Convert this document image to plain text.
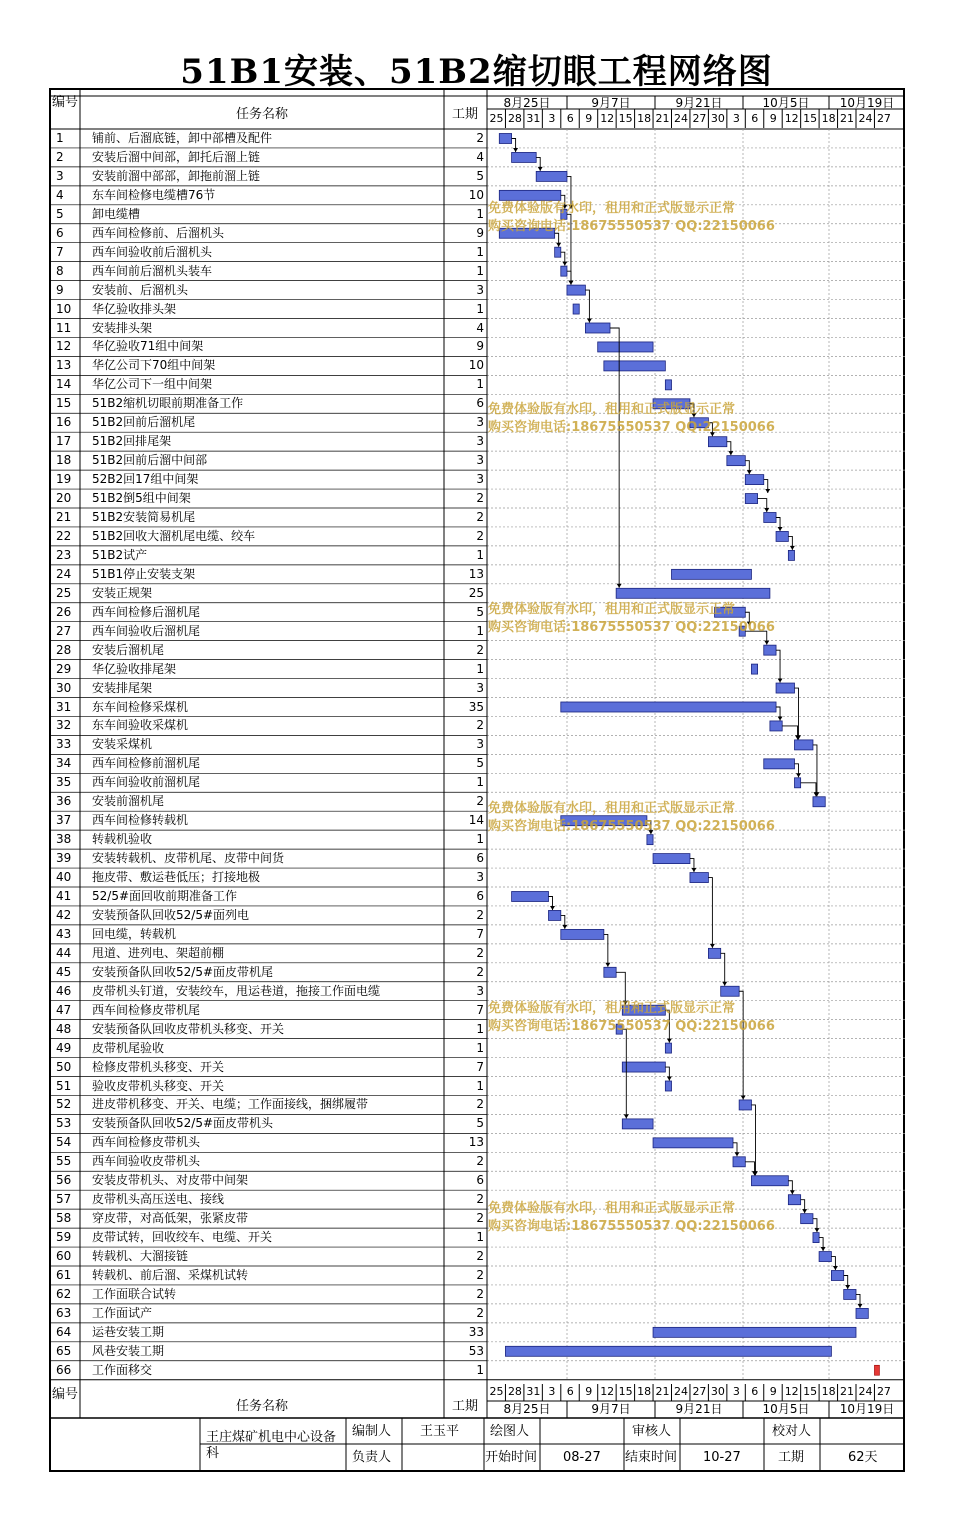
51B1安装、51B2缩切眼工程网络图
编号
任务名称	工期
8月25日	9月7日	9月21日	10月5日	10月19日
25 28 31 3	6	9 12 15 18 21 24 27 30 3	6	9 12 15 18 21 24 27
1	铺前、后溜底链，卸中部槽及配件	2
2	安装后溜中间部，卸托后溜上链	4
3	安装前溜中部部，卸拖前溜上链	5
4	东车间检修电缆槽76节	10
5	卸电缆槽	1
6	西车间检修前、后溜机头	9
7	西车间验收前后溜机头	1
8	西车间前后溜机头装车	1
9	安装前、后溜机头	3
10	华亿验收排头架	1
11	安装排头架	4
12	华亿验收71组中间架	9
13	华亿公司下70组中间架	10
14	华亿公司下一组中间架	1
15	51B2缩机切眼前期准备工作	6
16	51B2回前后溜机尾	3
17	51B2回排尾架	3
18	51B2回前后溜中间部	3
19	52B2回17组中间架	3
20	51B2倒5组中间架	2
21	51B2安装简易机尾	2
22	51B2回收大溜机尾电缆、绞车	2
23	51B2试产	1
24	51B1停止安装支架	13
25	安装正规架	25
26	西车间检修后溜机尾	5
27	西车间验收后溜机尾	1
28	安装后溜机尾	2
29	华亿验收排尾架	1
30	安装排尾架	3
31	东车间检修采煤机	35
32	东车间验收采煤机	2
33	安装采煤机	3
34	西车间检修前溜机尾	5
35	西车间验收前溜机尾	1
36	安装前溜机尾	2
37	西车间检修转载机	14
38	转载机验收	1
39	安装转载机、皮带机尾、皮带中间货	6
40	拖皮带、敷运巷低压；打接地极	3
41	52/5#面回收前期准备工作	6
42	安装预备队回收52/5#面列电	2
43	回电缆，转载机	7
44	甩道、进列电、架超前棚	2
45	安装预备队回收52/5#面皮带机尾	2
46	皮带机头钉道，安装绞车，甩运巷道，拖接工作面电缆	3
47	西车间检修皮带机尾	7
48	安装预备队回收皮带机头移变、开关	1
49	皮带机尾验收	1
50	检修皮带机头移变、开关	7
51	验收皮带机头移变、开关	1
52	进皮带机移变、开关、电缆；工作面接线，捆绑履带	2
53	安装预备队回收52/5#面皮带机头	5
54	西车间检修皮带机头	13
55	西车间验收皮带机头	2
56	安装皮带机头、对皮带中间架	6
57	皮带机头高压送电、接线	2
58	穿皮带，对高低架，张紧皮带	2
59	皮带试转，回收绞车、电缆、开关	1
60	转载机、大溜接链	2
61	转载机、前后溜、采煤机试转	2
62	工作面联合试转	2
63	工作面试产	2
64	运巷安装工期	33
65	风巷安装工期	53
66	工作面移交	1
编号
任务名称	工期
25 28 31 3	6	9 12 15 18 21 24 27 30 3	6	9 12 15 18 21 24 27
8月25日	9月7日	9月21日	10月5日	10月19日
免费体验版有水印，租用和正式版显示正常
购买咨询电话:18675550537 QQ:22150066
免费体验版有水印，租用和正式版显示正常
购买咨询电话:18675550537 QQ:22150066
免费体验版有水印，租用和正式版显示正常
购买咨询电话:18675550537 QQ:22150066
免费体验版有水印，租用和正式版显示正常
购买咨询电话:18675550537 QQ:22150066
免费体验版有水印，租用和正式版显示正常
购买咨询电话:18675550537 QQ:22150066
免费体验版有水印，租用和正式版显示正常
购买咨询电话:18675550537 QQ:22150066
王庄煤矿机电中心设备科
编制人 王玉平 绘图人	审核人	校对人
负责人	开始时间 08-27 结束时间 10-27	工期	62天
